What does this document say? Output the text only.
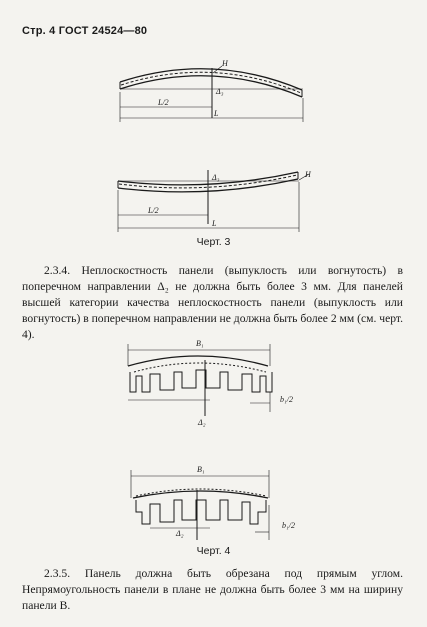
Стр. 4 ГОСТ 24524—80
H
Δ₃
L/2
L
H
Δ₃
L/2
L
Черт. 3

2.3.4. Неплоскостность панели (выпуклость или вогнутость) в поперечном направлении Δ₂ не должна быть более 3 мм. Для панелей высшей категории качества неплоскостность панели (выпуклость или вогнутость) в поперечном направлении не должна быть более 2 мм (см. черт. 4).

B₁
Δ₂
b₁/2
B₁
Δ₂
b₁/2
Черт. 4

2.3.5. Панель должна быть обрезана под прямым углом. Непрямоугольность панели в плане не должна быть более 3 мм на ширину панели B.
